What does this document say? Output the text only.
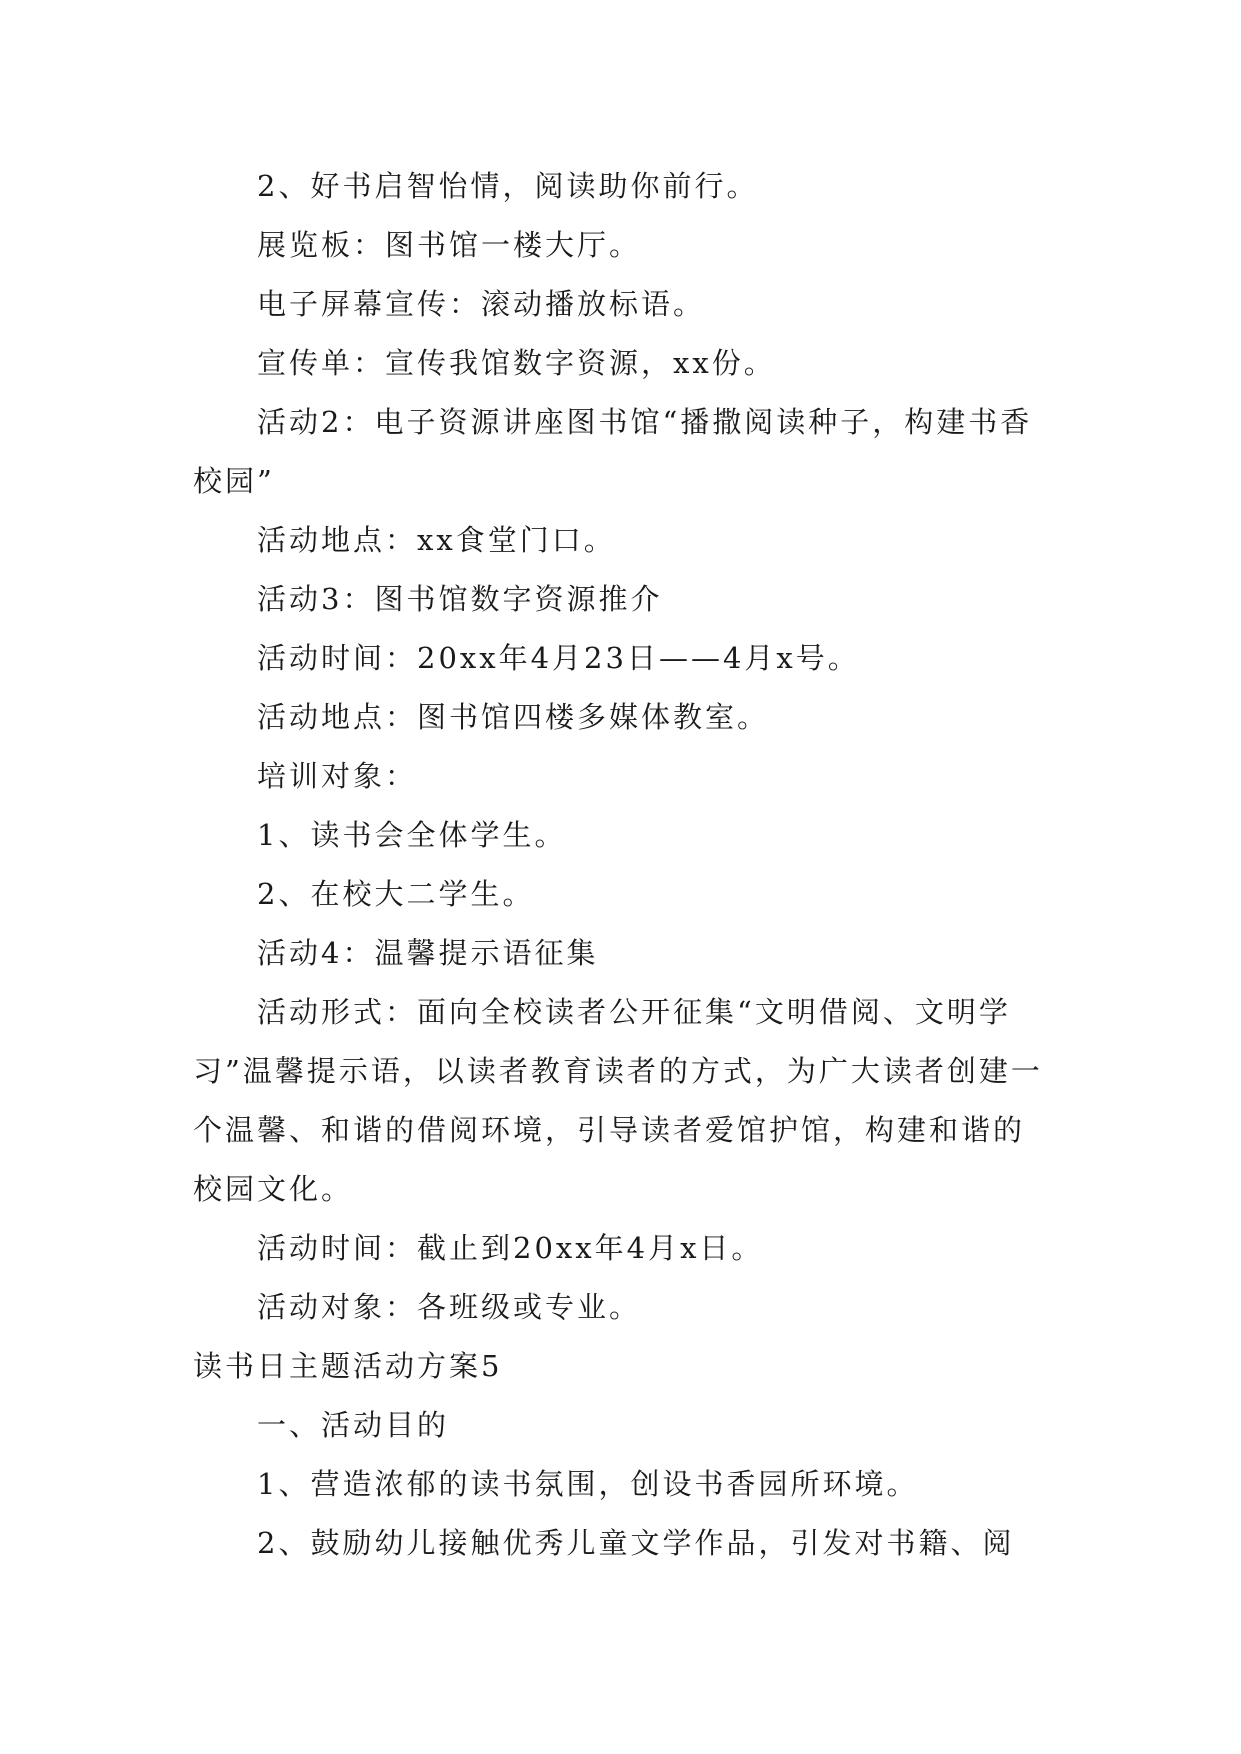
2、好书启智怡情，阅读助你前行。

展览板：图书馆一楼大厅。

电子屏幕宣传：滚动播放标语。

宣传单：宣传我馆数字资源，xx份。

活动2：电子资源讲座图书馆“播撒阅读种子，构建书香校园”

活动地点：xx食堂门口。

活动3：图书馆数字资源推介

活动时间：20xx年4月23日——4月x号。

活动地点：图书馆四楼多媒体教室。

培训对象：

1、读书会全体学生。

2、在校大二学生。

活动4：温馨提示语征集

活动形式：面向全校读者公开征集“文明借阅、文明学习”温馨提示语，以读者教育读者的方式，为广大读者创建一个温馨、和谐的借阅环境，引导读者爱馆护馆，构建和谐的校园文化。

活动时间：截止到20xx年4月x日。

活动对象：各班级或专业。

读书日主题活动方案5

一、活动目的

1、营造浓郁的读书氛围，创设书香园所环境。

2、鼓励幼儿接触优秀儿童文学作品，引发对书籍、阅
